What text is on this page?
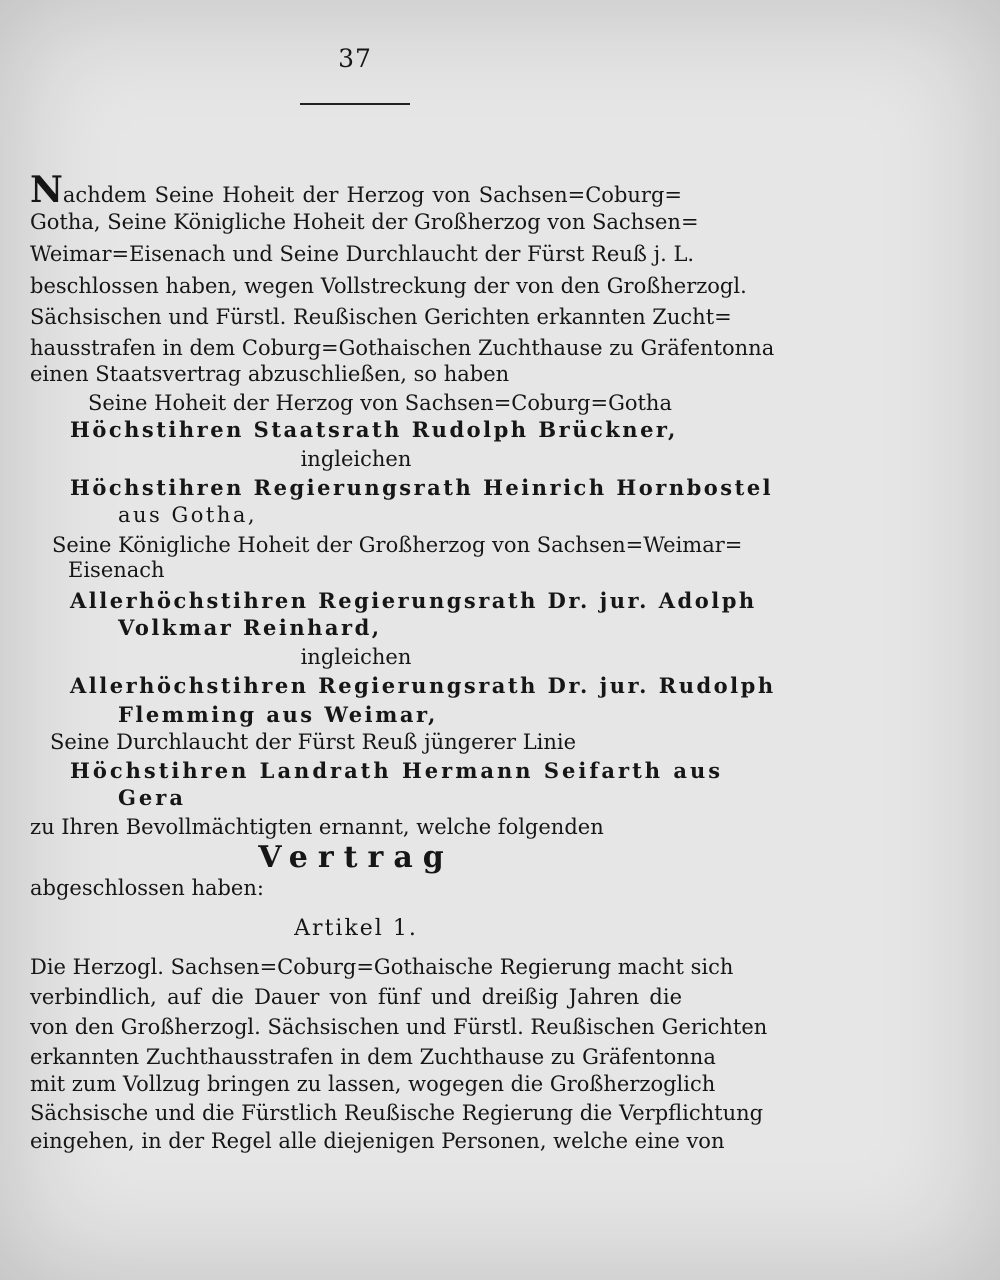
37
Nachdem Seine Hoheit der Herzog von Sachsen=Coburg=
Gotha, Seine Königliche Hoheit der Großherzog von Sachsen=
Weimar=Eisenach und Seine Durchlaucht der Fürst Reuß j. L.
beschlossen haben, wegen Vollstreckung der von den Großherzogl.
Sächsischen und Fürstl. Reußischen Gerichten erkannten Zucht=
hausstrafen in dem Coburg=Gothaischen Zuchthause zu Gräfentonna
einen Staatsvertrag abzuschließen, so haben
Seine Hoheit der Herzog von Sachsen=Coburg=Gotha
Höchstihren Staatsrath Rudolph Brückner,
ingleichen
Höchstihren Regierungsrath Heinrich Hornbostel
aus Gotha,
Seine Königliche Hoheit der Großherzog von Sachsen=Weimar=
Eisenach
Allerhöchstihren Regierungsrath Dr. jur. Adolph
Volkmar Reinhard,
ingleichen
Allerhöchstihren Regierungsrath Dr. jur. Rudolph
Flemming aus Weimar,
Seine Durchlaucht der Fürst Reuß jüngerer Linie
Höchstihren Landrath Hermann Seifarth aus
Gera
zu Ihren Bevollmächtigten ernannt, welche folgenden
Vertrag
abgeschlossen haben:
Artikel 1.
Die Herzogl. Sachsen=Coburg=Gothaische Regierung macht sich
verbindlich, auf die Dauer von fünf und dreißig Jahren die
von den Großherzogl. Sächsischen und Fürstl. Reußischen Gerichten
erkannten Zuchthausstrafen in dem Zuchthause zu Gräfentonna
mit zum Vollzug bringen zu lassen, wogegen die Großherzoglich
Sächsische und die Fürstlich Reußische Regierung die Verpflichtung
eingehen, in der Regel alle diejenigen Personen, welche eine von
